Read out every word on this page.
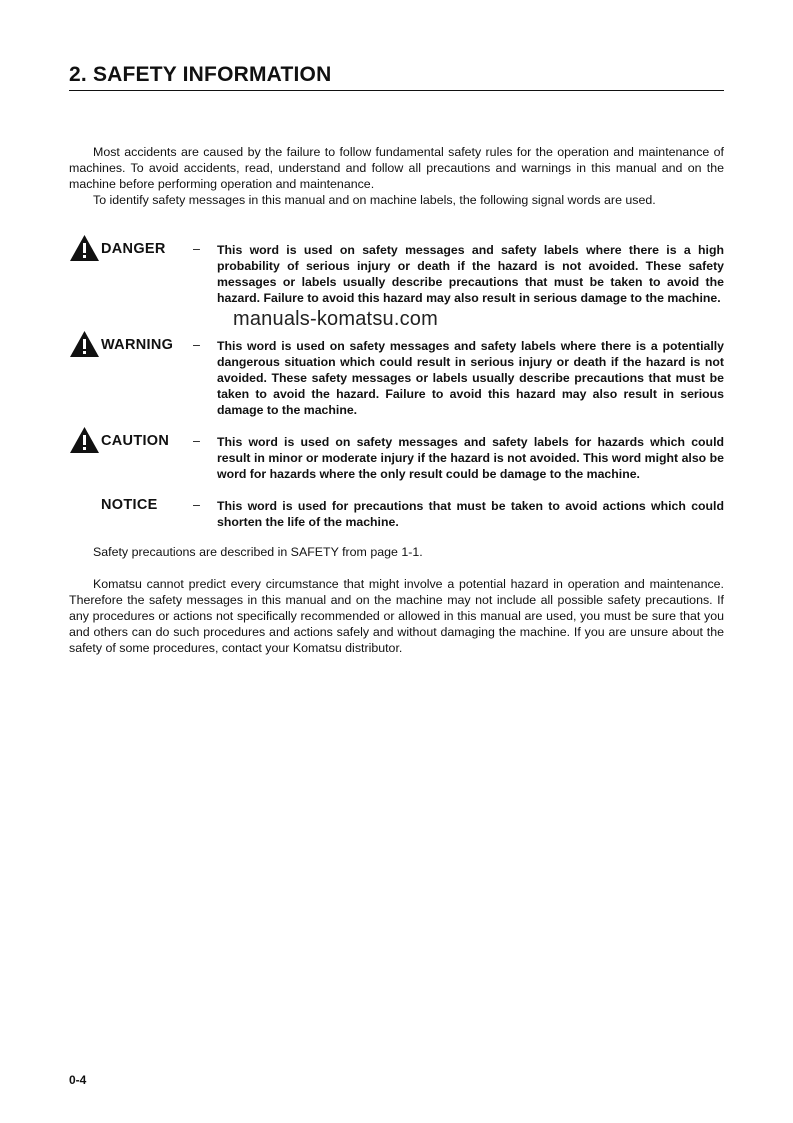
2. SAFETY INFORMATION

Most accidents are caused by the failure to follow fundamental safety rules for the operation and maintenance of machines. To avoid accidents, read, understand and follow all precautions and warnings in this manual and on the machine before performing operation and maintenance.

To identify safety messages in this manual and on machine labels, the following signal words are used.

DANGER – This word is used on safety messages and safety labels where there is a high probability of serious injury or death if the hazard is not avoided. These safety messages or labels usually describe precautions that must be taken to avoid the hazard. Failure to avoid this hazard may also result in serious damage to the machine.
WARNING – This word is used on safety messages and safety labels where there is a potentially dangerous situation which could result in serious injury or death if the hazard is not avoided. These safety messages or labels usually describe precautions that must be taken to avoid the hazard. Failure to avoid this hazard may also result in serious damage to the machine.
CAUTION – This word is used on safety messages and safety labels for hazards which could result in minor or moderate injury if the hazard is not avoided. This word might also be word for hazards where the only result could be damage to the machine.
NOTICE	– This word is used for precautions that must be taken to avoid actions which could shorten the life of the machine.

Safety precautions are described in SAFETY from page 1-1.

Komatsu cannot predict every circumstance that might involve a potential hazard in operation and maintenance. Therefore the safety messages in this manual and on the machine may not include all possible safety precautions. If any procedures or actions not specifically recommended or allowed in this manual are used, you must be sure that you and others can do such procedures and actions safely and without damaging the machine. If you are unsure about the safety of some procedures, contact your Komatsu distributor.

manuals-komatsu.com
0-4
